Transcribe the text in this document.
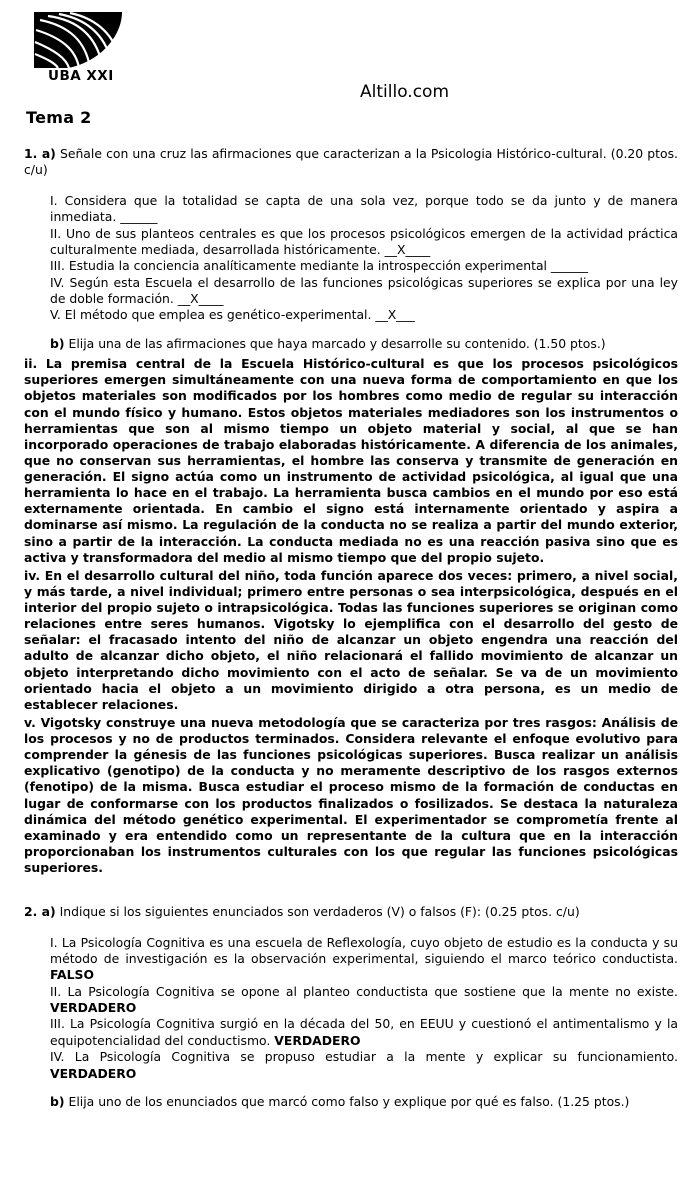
UBA XXI
Altillo.com
Tema 2

1. a) Señale con una cruz las afirmaciones que caracterizan a la Psicologia Histórico-cultural. (0.20 ptos. c/u)

I. Considera que la totalidad se capta de una sola vez, porque todo se da junto y de manera inmediata. ______

II. Uno de sus planteos centrales es que los procesos psicológicos emergen de la actividad práctica culturalmente mediada, desarrollada históricamente. __X____

III. Estudia la conciencia analíticamente mediante la introspección experimental ______

IV. Según esta Escuela el desarrollo de las funciones psicológicas superiores se explica por una ley de doble formación. __X____

V. El método que emplea es genético-experimental. __X___

b) Elija una de las afirmaciones que haya marcado y desarrolle su contenido. (1.50 ptos.)

ii. La premisa central de la Escuela Histórico-cultural es que los procesos psicológicos superiores emergen simultáneamente con una nueva forma de comportamiento en que los objetos materiales son modificados por los hombres como medio de regular su interacción con el mundo físico y humano. Estos objetos materiales mediadores son los instrumentos o herramientas que son al mismo tiempo un objeto material y social, al que se han incorporado operaciones de trabajo elaboradas históricamente. A diferencia de los animales, que no conservan sus herramientas, el hombre las conserva y transmite de generación en generación. El signo actúa como un instrumento de actividad psicológica, al igual que una herramienta lo hace en el trabajo. La herramienta busca cambios en el mundo por eso está externamente orientada. En cambio el signo está internamente orientado y aspira a dominarse así mismo. La regulación de la conducta no se realiza a partir del mundo exterior, sino a partir de la interacción. La conducta mediada no es una reacción pasiva sino que es activa y transformadora del medio al mismo tiempo que del propio sujeto.

iv. En el desarrollo cultural del niño, toda función aparece dos veces: primero, a nivel social, y más tarde, a nivel individual; primero entre personas o sea interpsicológica, después en el interior del propio sujeto o intrapsicológica. Todas las funciones superiores se originan como relaciones entre seres humanos. Vigotsky lo ejemplifica con el desarrollo del gesto de señalar: el fracasado intento del niño de alcanzar un objeto engendra una reacción del adulto de alcanzar dicho objeto, el niño relacionará el fallido movimiento de alcanzar un objeto interpretando dicho movimiento con el acto de señalar. Se va de un movimiento orientado hacia el objeto a un movimiento dirigido a otra persona, es un medio de establecer relaciones.

v. Vigotsky construye una nueva metodología que se caracteriza por tres rasgos: Análisis de los procesos y no de productos terminados. Considera relevante el enfoque evolutivo para comprender la génesis de las funciones psicológicas superiores. Busca realizar un análisis explicativo (genotipo) de la conducta y no meramente descriptivo de los rasgos externos (fenotipo) de la misma. Busca estudiar el proceso mismo de la formación de conductas en lugar de conformarse con los productos finalizados o fosilizados. Se destaca la naturaleza dinámica del método genético experimental. El experimentador se comprometía frente al examinado y era entendido como un representante de la cultura que en la interacción proporcionaban los instrumentos culturales con los que regular las funciones psicológicas superiores.

2. a) Indique si los siguientes enunciados son verdaderos (V) o falsos (F): (0.25 ptos. c/u)

I. La Psicología Cognitiva es una escuela de Reflexología, cuyo objeto de estudio es la conducta y su método de investigación es la observación experimental, siguiendo el marco teórico conductista. FALSO

II. La Psicología Cognitiva se opone al planteo conductista que sostiene que la mente no existe. VERDADERO

III. La Psicología Cognitiva surgió en la década del 50, en EEUU y cuestionó el antimentalismo y la equipotencialidad del conductismo. VERDADERO

IV. La Psicología Cognitiva se propuso estudiar a la mente y explicar su funcionamiento. VERDADERO

b) Elija uno de los enunciados que marcó como falso y explique por qué es falso. (1.25 ptos.)
